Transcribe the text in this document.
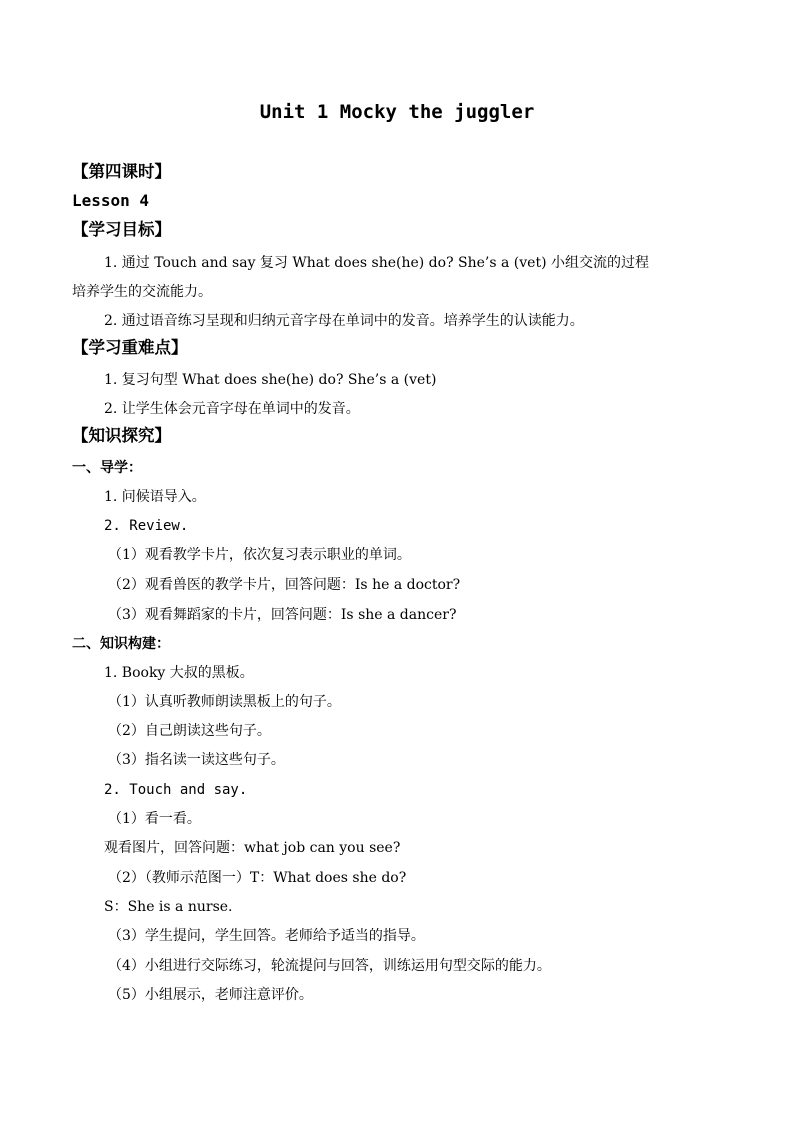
Unit 1 Mocky the juggler

【第四课时】

Lesson 4

【学习目标】

1. 通过 Touch and say 复习 What does she(he) do? She’s a (vet) 小组交流的过程

培养学生的交流能力。

2. 通过语音练习呈现和归纳元音字母在单词中的发音。培养学生的认读能力。

【学习重难点】

1. 复习句型 What does she(he) do? She’s a (vet)

2. 让学生体会元音字母在单词中的发音。

【知识探究】

一、导学：

1. 问候语导入。

2. Review.

（1）观看教学卡片，依次复习表示职业的单词。

（2）观看兽医的教学卡片，回答问题：Is he a doctor?

（3）观看舞蹈家的卡片，回答问题：Is she a dancer?

二、知识构建：

1. Booky 大叔的黑板。

（1）认真听教师朗读黑板上的句子。

（2）自己朗读这些句子。

（3）指名读一读这些句子。

2. Touch and say.

（1）看一看。

观看图片，回答问题：what job can you see?

（2）（教师示范图一）T：What does she do?

S：She is a nurse.

（3）学生提问，学生回答。老师给予适当的指导。

（4）小组进行交际练习，轮流提问与回答，训练运用句型交际的能力。

（5）小组展示，老师注意评价。
